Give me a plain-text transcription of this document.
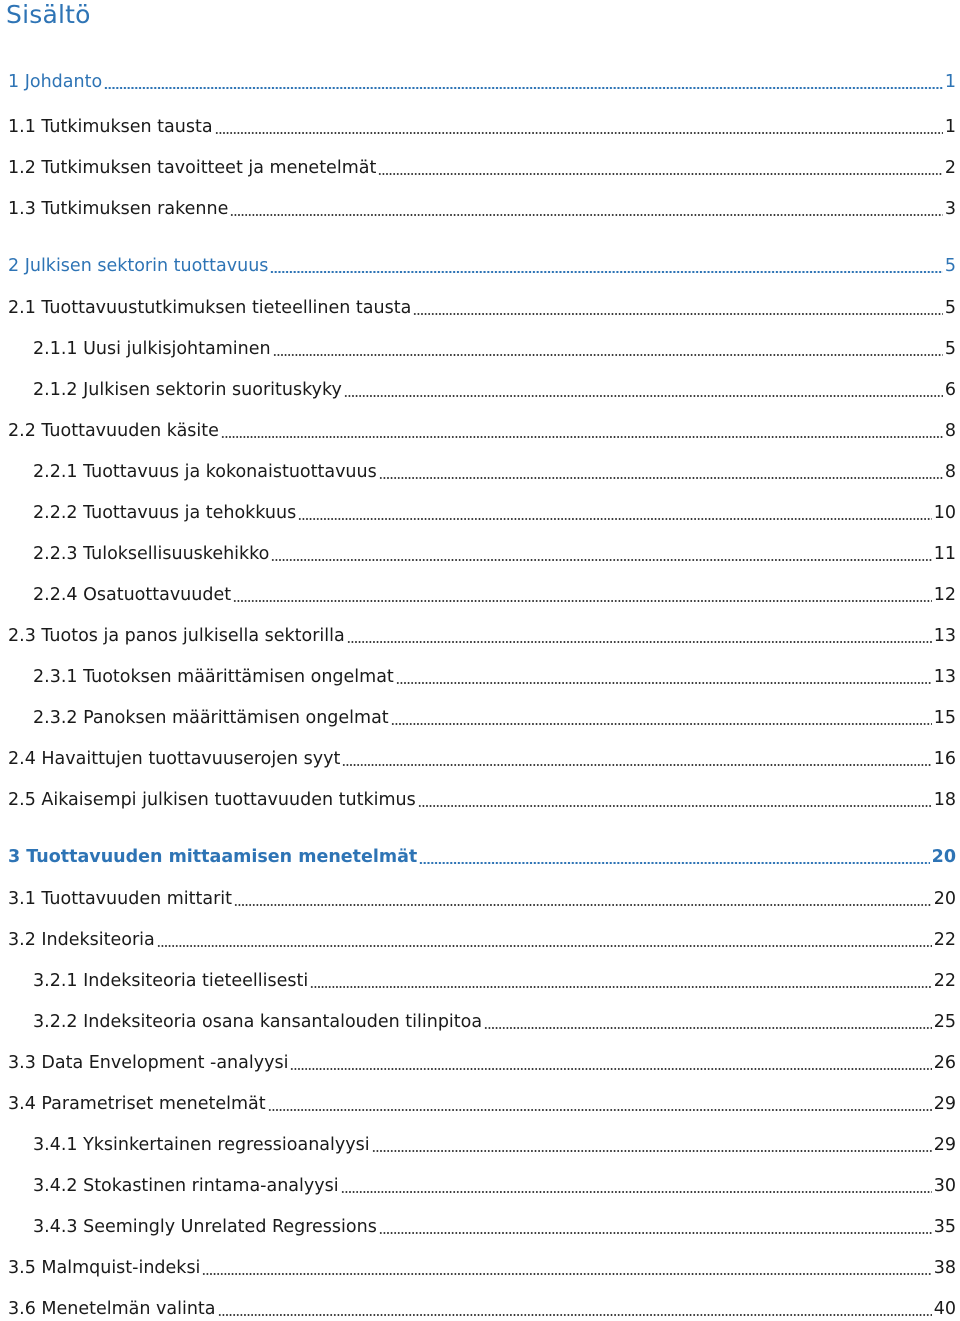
Sisältö
1 Johdanto	1
1.1 Tutkimuksen tausta	1
1.2 Tutkimuksen tavoitteet ja menetelmät	2
1.3 Tutkimuksen rakenne	3
2 Julkisen sektorin tuottavuus	5
2.1 Tuottavuustutkimuksen tieteellinen tausta	5
2.1.1 Uusi julkisjohtaminen	5
2.1.2 Julkisen sektorin suorituskyky	6
2.2 Tuottavuuden käsite	8
2.2.1 Tuottavuus ja kokonaistuottavuus	8
2.2.2 Tuottavuus ja tehokkuus	10
2.2.3 Tuloksellisuuskehikko	11
2.2.4 Osatuottavuudet	12
2.3 Tuotos ja panos julkisella sektorilla	13
2.3.1 Tuotoksen määrittämisen ongelmat	13
2.3.2 Panoksen määrittämisen ongelmat	15
2.4 Havaittujen tuottavuuserojen syyt	16
2.5 Aikaisempi julkisen tuottavuuden tutkimus	18
3 Tuottavuuden mittaamisen menetelmät	20
3.1 Tuottavuuden mittarit	20
3.2 Indeksiteoria	22
3.2.1 Indeksiteoria tieteellisesti	22
3.2.2 Indeksiteoria osana kansantalouden tilinpitoa	25
3.3 Data Envelopment -analyysi	26
3.4 Parametriset menetelmät	29
3.4.1 Yksinkertainen regressioanalyysi	29
3.4.2 Stokastinen rintama-analyysi	30
3.4.3 Seemingly Unrelated Regressions	35
3.5 Malmquist-indeksi	38
3.6 Menetelmän valinta	40
